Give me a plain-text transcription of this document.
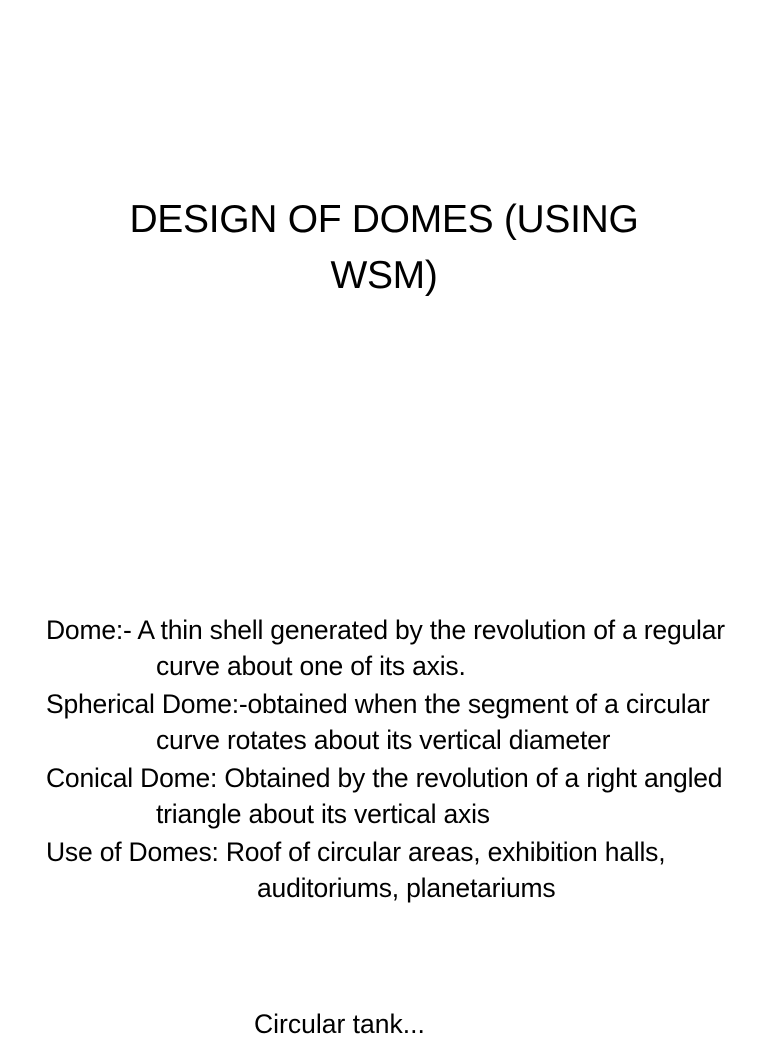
DESIGN OF DOMES (USING WSM)
Dome:- A thin shell generated by the revolution of a regular curve about one of its axis.
Spherical Dome:-obtained when the segment of a circular curve rotates about its vertical diameter
Conical Dome: Obtained by the revolution of a right angled triangle about its vertical axis
Use of Domes: Roof of circular areas, exhibition halls, auditoriums, planetariums
Circular tank...
